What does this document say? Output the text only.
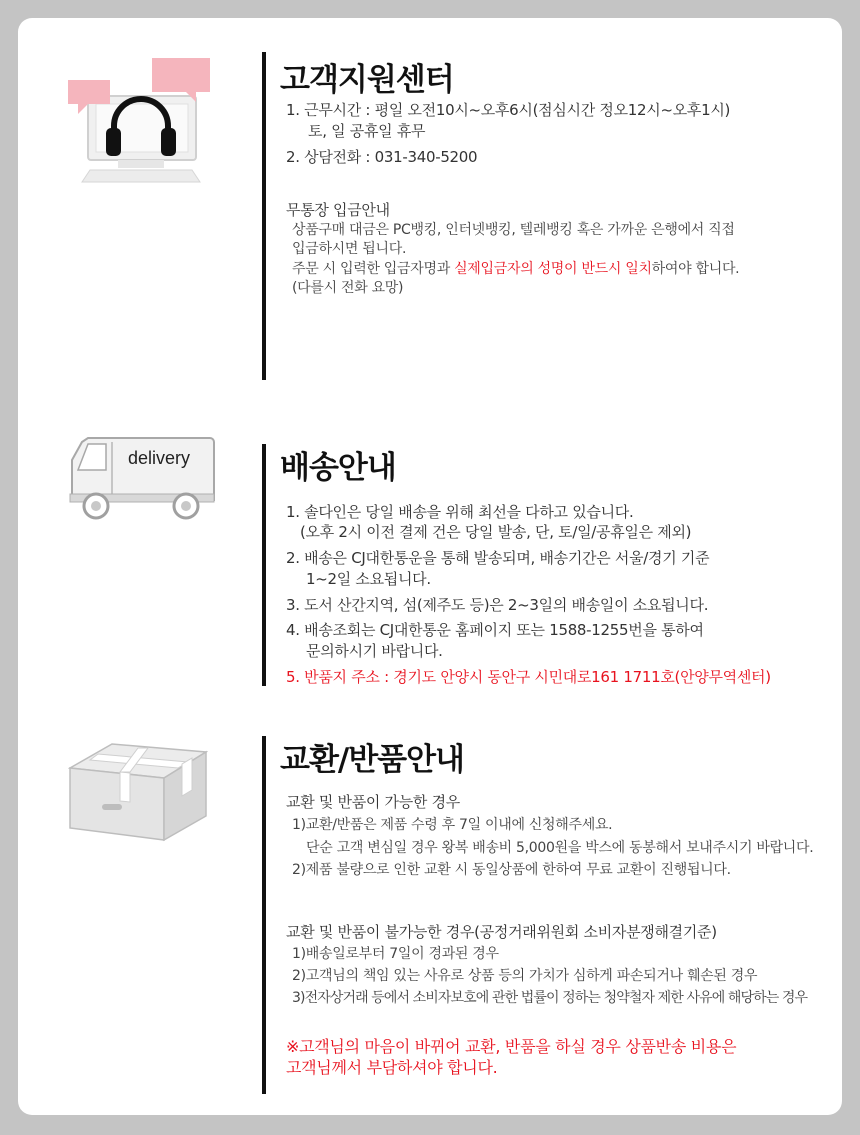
고객지원센터
1. 근무시간 : 평일 오전10시~오후6시(점심시간 정오12시~오후1시)
토, 일 공휴일 휴무
2. 상담전화 : 031-340-5200
무통장 입금안내
상품구매 대금은 PC뱅킹, 인터넷뱅킹, 텔레뱅킹 혹은 가까운 은행에서 직접
입금하시면 됩니다.
주문 시 입력한 입금자명과 실제입금자의 성명이 반드시 일치하여야 합니다.
(다를시 전화 요망)
delivery	배송안내
1. 솔다인은 당일 배송을 위해 최선을 다하고 있습니다.
(오후 2시 이전 결제 건은 당일 발송, 단, 토/일/공휴일은 제외)
2. 배송은 CJ대한통운을 통해 발송되며, 배송기간은 서울/경기 기준
1~2일 소요됩니다.
3. 도서 산간지역, 섬(제주도 등)은 2~3일의 배송일이 소요됩니다.
4. 배송조회는 CJ대한통운 홈페이지 또는 1588-1255번을 통하여
문의하시기 바랍니다.
5. 반품지 주소 : 경기도 안양시 동안구 시민대로161 1711호(안양무역센터)
교환/반품안내
교환 및 반품이 가능한 경우
1)교환/반품은 제품 수령 후 7일 이내에 신청해주세요.
단순 고객 변심일 경우 왕복 배송비 5,000원을 박스에 동봉해서 보내주시기 바랍니다.
2)제품 불량으로 인한 교환 시 동일상품에 한하여 무료 교환이 진행됩니다.
교환 및 반품이 불가능한 경우(공정거래위원회 소비자분쟁해결기준)
1)배송일로부터 7일이 경과된 경우
2)고객님의 책임 있는 사유로 상품 등의 가치가 심하게 파손되거나 훼손된 경우
3)전자상거래 등에서 소비자보호에 관한 법률이 정하는 청약철자 제한 사유에 해당하는 경우
※고객님의 마음이 바뀌어 교환, 반품을 하실 경우 상품반송 비용은
고객님께서 부담하셔야 합니다.
